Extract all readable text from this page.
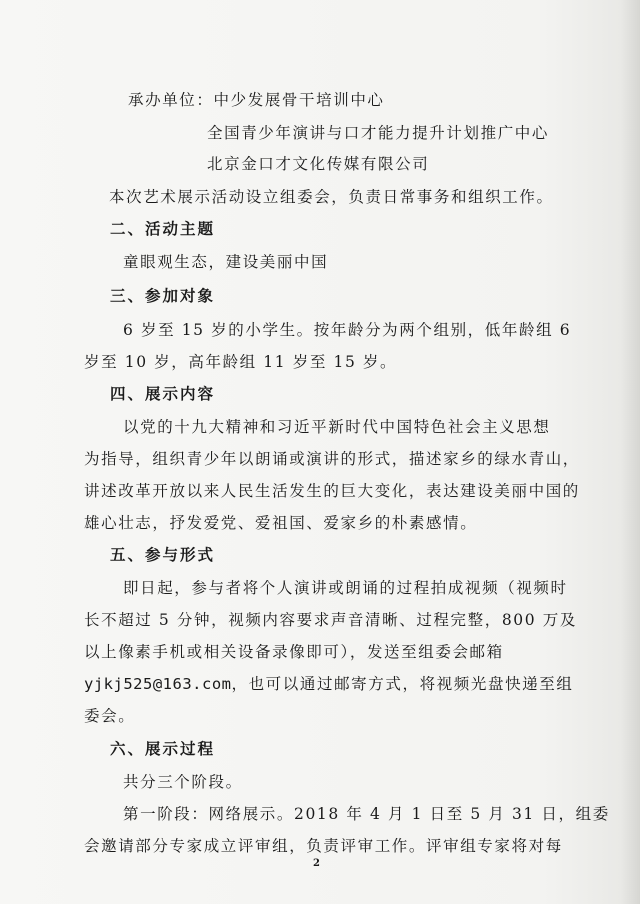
承办单位：中少发展骨干培训中心
全国青少年演讲与口才能力提升计划推广中心
北京金口才文化传媒有限公司
本次艺术展示活动设立组委会，负责日常事务和组织工作。
二、活动主题
童眼观生态，建设美丽中国
三、参加对象
6 岁至 15 岁的小学生。按年龄分为两个组别，低年龄组 6
岁至 10 岁，高年龄组 11 岁至 15 岁。
四、展示内容
以党的十九大精神和习近平新时代中国特色社会主义思想
为指导，组织青少年以朗诵或演讲的形式，描述家乡的绿水青山，
讲述改革开放以来人民生活发生的巨大变化，表达建设美丽中国的
雄心壮志，抒发爱党、爱祖国、爱家乡的朴素感情。
五、参与形式
即日起，参与者将个人演讲或朗诵的过程拍成视频（视频时
长不超过 5 分钟，视频内容要求声音清晰、过程完整，800 万及
以上像素手机或相关设备录像即可），发送至组委会邮箱
yjkj525@163.com，也可以通过邮寄方式，将视频光盘快递至组
委会。
六、展示过程
共分三个阶段。
第一阶段：网络展示。2018 年 4 月 1 日至 5 月 31 日，组委
会邀请部分专家成立评审组，负责评审工作。评审组专家将对每
2
